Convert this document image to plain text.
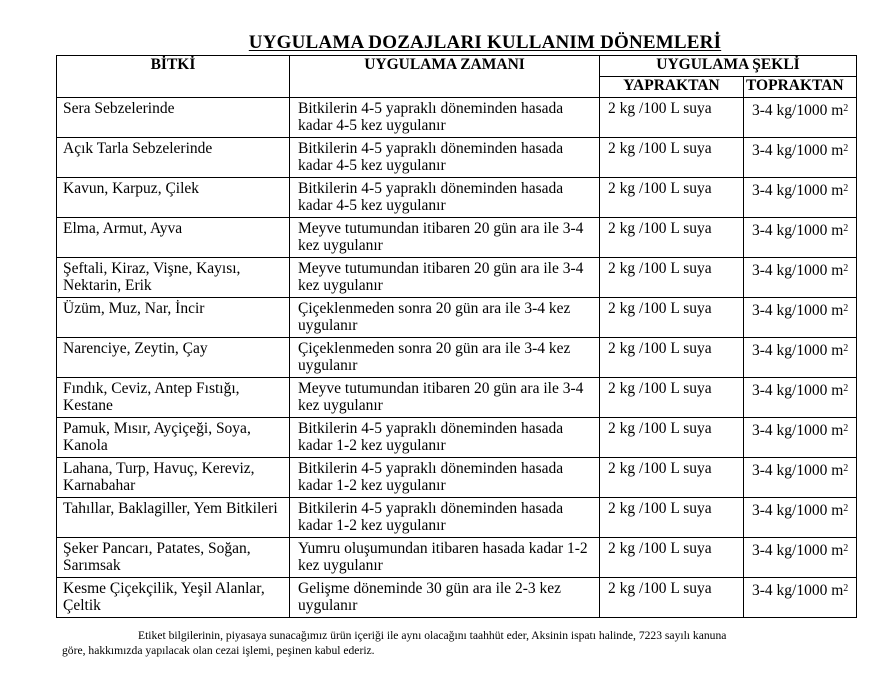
UYGULAMA DOZAJLARI KULLANIM DÖNEMLERİ
BİTKİ	UYGULAMA ZAMANI	UYGULAMA ŞEKLİ	
		YAPRAKTAN	TOPRAKTAN
Sera Sebzelerinde	Bitkilerin 4-5 yapraklı döneminden hasada kadar 4-5 kez uygulanır	2 kg /100 L suya	3-4 kg/1000 $m^2$
Açık Tarla Sebzelerinde	Bitkilerin 4-5 yapraklı döneminden hasada kadar 4-5 kez uygulanır	2 kg /100 L suya	3-4 kg/1000 $m^2$
Kavun, Karpuz, Çilek	Bitkilerin 4-5 yapraklı döneminden hasada kadar 4-5 kez uygulanır	2 kg /100 L suya	3-4 kg/1000 $m^2$
Elma, Armut, Ayva	Meyve tutumundan itibaren 20 gün ara ile 3-4 kez uygulanır	2 kg /100 L suya	3-4 kg/1000 $m^2$
Şeftali, Kiraz, Vişne, Kayısı, Nektarin, Erik	Meyve tutumundan itibaren 20 gün ara ile 3-4 kez uygulanır	2 kg /100 L suya	3-4 kg/1000 $m^2$
Üzüm, Muz, Nar, İncir	Çiçeklenmeden sonra 20 gün ara ile 3-4 kez uygulanır	2 kg /100 L suya	3-4 kg/1000 $m^2$
Narenciye, Zeytin, Çay	Çiçeklenmeden sonra 20 gün ara ile 3-4 kez uygulanır	2 kg /100 L suya	3-4 kg/1000 $m^2$
Fındık, Ceviz, Antep Fıstığı, Kestane	Meyve tutumundan itibaren 20 gün ara ile 3-4 kez uygulanır	2 kg /100 L suya	3-4 kg/1000 $m^2$
Pamuk, Mısır, Ayçiçeği, Soya, Kanola	Bitkilerin 4-5 yapraklı döneminden hasada kadar 1-2 kez uygulanır	2 kg /100 L suya	3-4 kg/1000 $m^2$
Lahana, Turp, Havuç, Kereviz, Karnabahar	Bitkilerin 4-5 yapraklı döneminden hasada kadar 1-2 kez uygulanır	2 kg /100 L suya	3-4 kg/1000 $m^2$
Tahıllar, Baklagiller, Yem Bitkileri	Bitkilerin 4-5 yapraklı döneminden hasada kadar 1-2 kez uygulanır	2 kg /100 L suya	3-4 kg/1000 $m^2$
Şeker Pancarı, Patates, Soğan, Sarımsak	Yumru oluşumundan itibaren hasada kadar 1-2 kez uygulanır	2 kg /100 L suya	3-4 kg/1000 $m^2$
Kesme Çiçekçilik, Yeşil Alanlar, Çeltik	Gelişme döneminde 30 gün ara ile 2-3 kez uygulanır	2 kg /100 L suya	3-4 kg/1000 $m^2$
Etiket bilgilerinin, piyasaya sunacağımız ürün içeriği ile aynı olacağını taahhüt eder, Aksinin ispatı halinde, 7223 sayılı kanuna
göre, hakkımızda yapılacak olan cezai işlemi, peşinen kabul ederiz.
